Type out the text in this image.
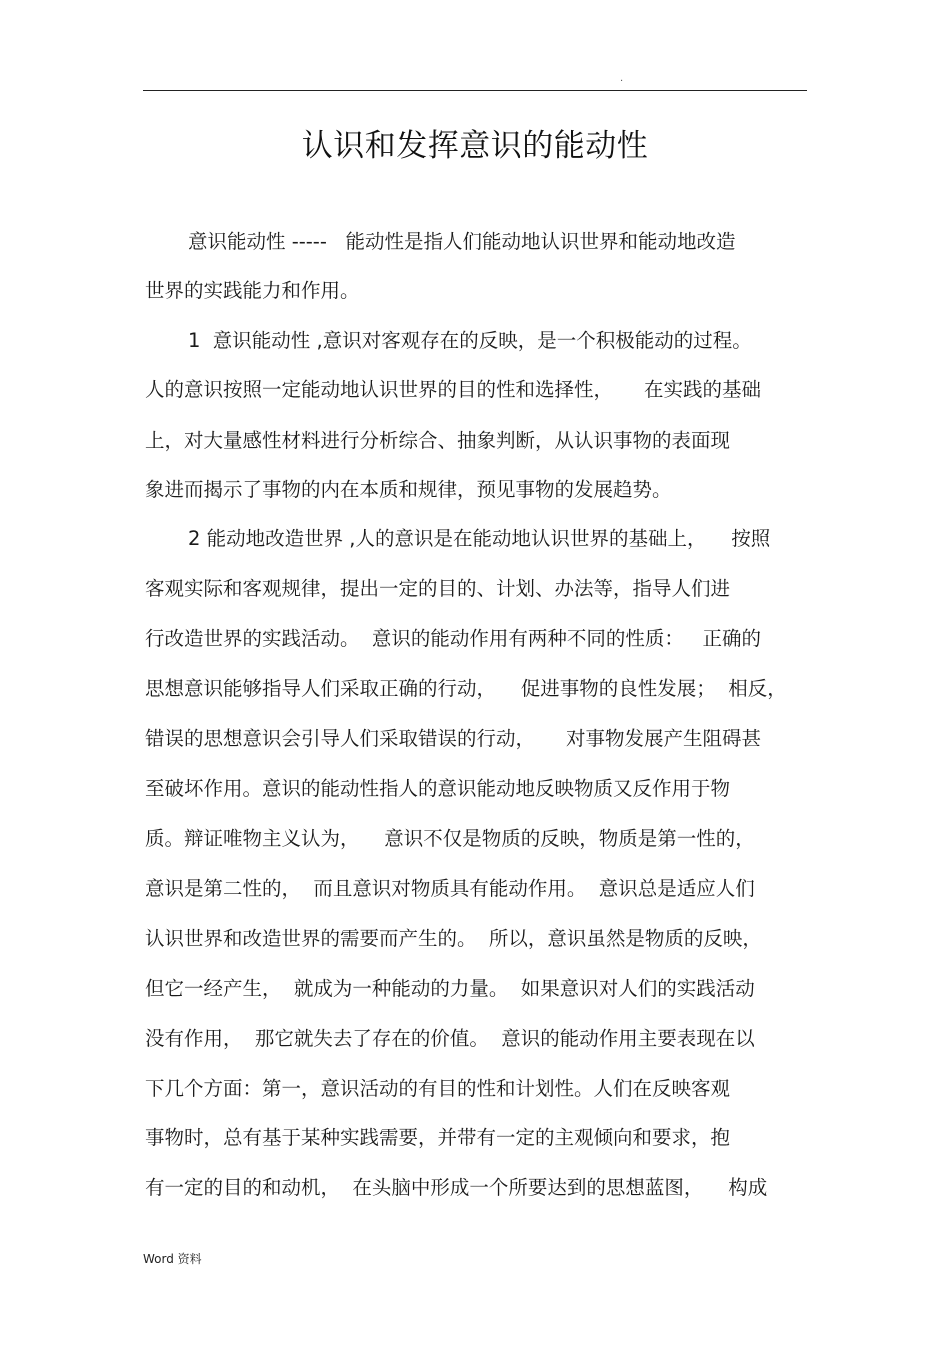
.
认识和发挥意识的能动性
意识能动性 -----   能动性是指人们能动地认识世界和能动地改造
世界的实践能力和作用。
1  意识能动性 ,意识对客观存在的反映，是一个积极能动的过程。
人的意识按照一定能动地认识世界的目的性和选择性，     在实践的基础
上，对大量感性材料进行分析综合、抽象判断，从认识事物的表面现
象进而揭示了事物的内在本质和规律，预见事物的发展趋势。
2 能动地改造世界 ,人的意识是在能动地认识世界的基础上，    按照
客观实际和客观规律，提出一定的目的、计划、办法等，指导人们进
行改造世界的实践活动。  意识的能动作用有两种不同的性质：   正确的
思想意识能够指导人们采取正确的行动，    促进事物的良性发展；  相反，
错误的思想意识会引导人们采取错误的行动，     对事物发展产生阻碍甚
至破坏作用。意识的能动性指人的意识能动地反映物质又反作用于物
质。辩证唯物主义认为，    意识不仅是物质的反映，物质是第一性的，
意识是第二性的，  而且意识对物质具有能动作用。  意识总是适应人们
认识世界和改造世界的需要而产生的。  所以，意识虽然是物质的反映，
但它一经产生，  就成为一种能动的力量。  如果意识对人们的实践活动
没有作用，  那它就失去了存在的价值。  意识的能动作用主要表现在以
下几个方面：第一，意识活动的有目的性和计划性。人们在反映客观
事物时，总有基于某种实践需要，并带有一定的主观倾向和要求，抱
有一定的目的和动机，  在头脑中形成一个所要达到的思想蓝图，    构成
Word 资料
